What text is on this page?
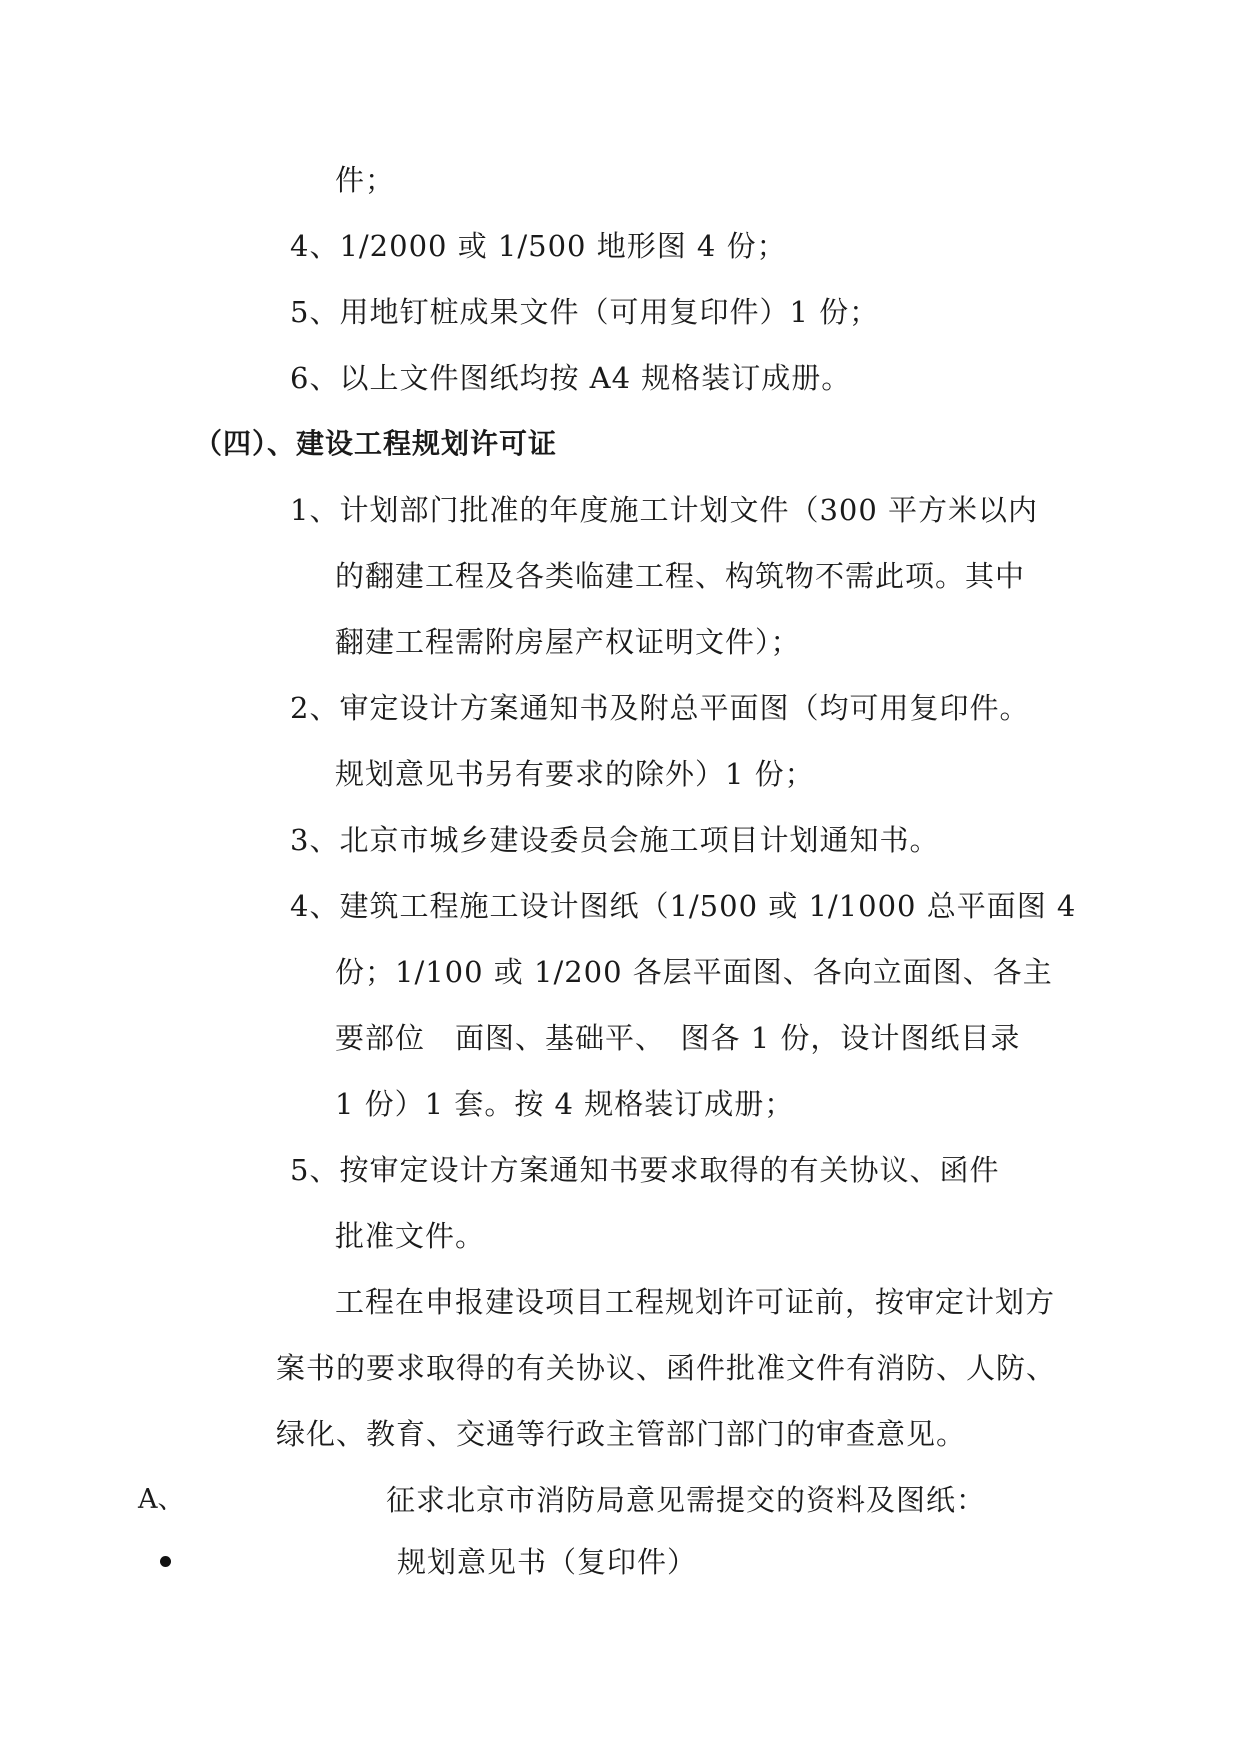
件；
4、1/2000 或 1/500 地形图 4 份；
5、用地钉桩成果文件（可用复印件）1 份；
6、以上文件图纸均按 A4 规格装订成册。
（四）、建设工程规划许可证
1、计划部门批准的年度施工计划文件（300 平方米以内
的翻建工程及各类临建工程、构筑物不需此项。其中
翻建工程需附房屋产权证明文件）；
2、审定设计方案通知书及附总平面图（均可用复印件。
规划意见书另有要求的除外）1 份；
3、北京市城乡建设委员会施工项目计划通知书。
4、建筑工程施工设计图纸（1/500 或 1/1000 总平面图 4
份；1/100 或 1/200 各层平面图、各向立面图、各主
要部位　面图、基础平、　图各 1 份，设计图纸目录
1 份）1 套。按 4 规格装订成册；
5、按审定设计方案通知书要求取得的有关协议、函件
批准文件。
工程在申报建设项目工程规划许可证前，按审定计划方
案书的要求取得的有关协议、函件批准文件有消防、人防、
绿化、教育、交通等行政主管部门部门的审查意见。
A、	征求北京市消防局意见需提交的资料及图纸：
规划意见书（复印件）
